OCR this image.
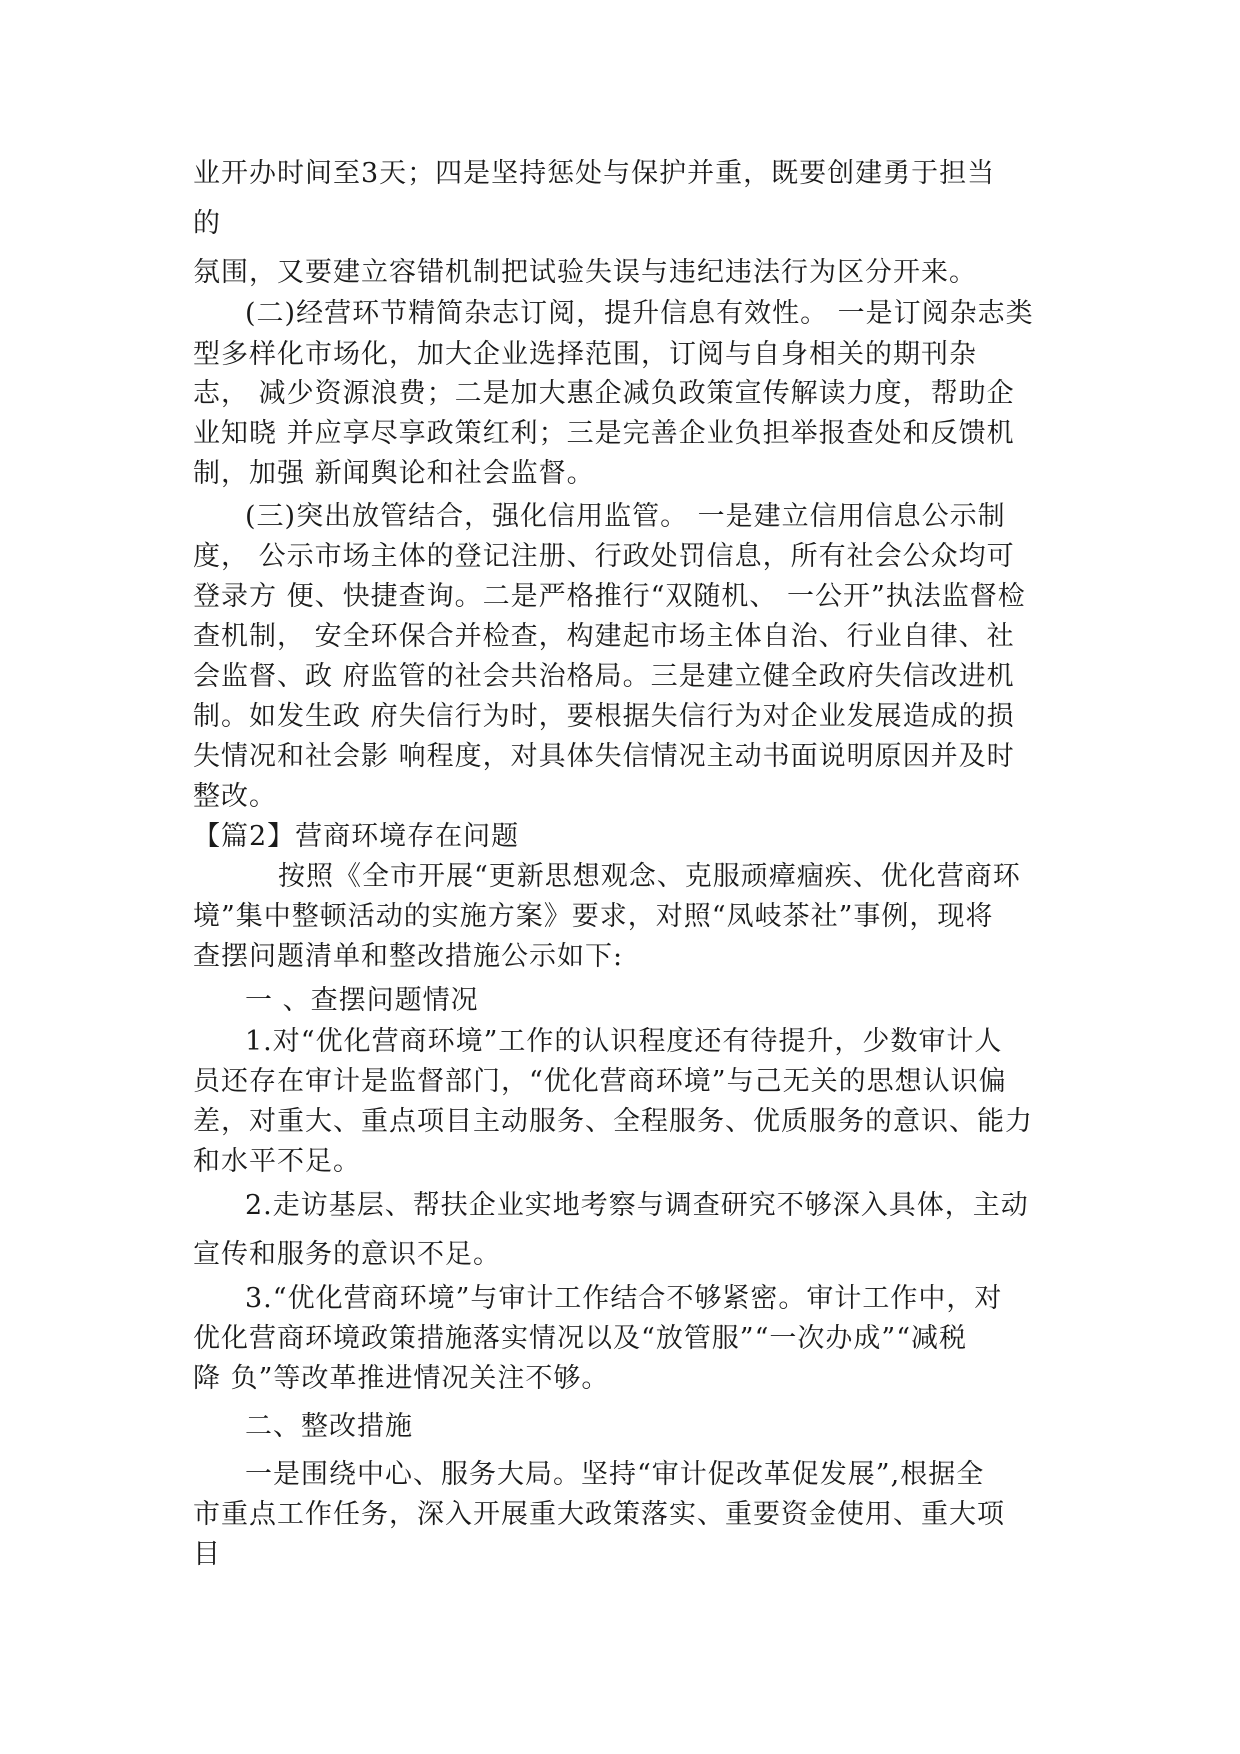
业开办时间至3天；四是坚持惩处与保护并重，既要创建勇于担当
的
氛围，又要建立容错机制把试验失误与违纪违法行为区分开来。
(二)经营环节精简杂志订阅，提升信息有效性。 一是订阅杂志类
型多样化市场化，加大企业选择范围，订阅与自身相关的期刊杂
志， 减少资源浪费；二是加大惠企减负政策宣传解读力度，帮助企
业知晓 并应享尽享政策红利；三是完善企业负担举报查处和反馈机
制，加强 新闻舆论和社会监督。
(三)突出放管结合，强化信用监管。 一是建立信用信息公示制
度， 公示市场主体的登记注册、行政处罚信息，所有社会公众均可
登录方 便、快捷查询。二是严格推行“双随机、 一公开”执法监督检
查机制， 安全环保合并检查，构建起市场主体自治、行业自律、社
会监督、政 府监管的社会共治格局。三是建立健全政府失信改进机
制。如发生政 府失信行为时，要根据失信行为对企业发展造成的损
失情况和社会影 响程度，对具体失信情况主动书面说明原因并及时
整改。
【篇2】营商环境存在问题
按照《全市开展“更新思想观念、克服顽瘴痼疾、优化营商环
境”集中整顿活动的实施方案》要求，对照“凤岐茶社”事例，现将
查摆问题清单和整改措施公示如下:
一 、查摆问题情况
1.对“优化营商环境”工作的认识程度还有待提升，少数审计人
员还存在审计是监督部门，“优化营商环境”与己无关的思想认识偏
差，对重大、重点项目主动服务、全程服务、优质服务的意识、能力
和水平不足。
2.走访基层、帮扶企业实地考察与调查研究不够深入具体，主动
宣传和服务的意识不足。
3.“优化营商环境”与审计工作结合不够紧密。审计工作中，对
优化营商环境政策措施落实情况以及“放管服”“一次办成”“减税
降 负”等改革推进情况关注不够。
二、整改措施
一是围绕中心、服务大局。坚持“审计促改革促发展”,根据全
市重点工作任务，深入开展重大政策落实、重要资金使用、重大项
目
